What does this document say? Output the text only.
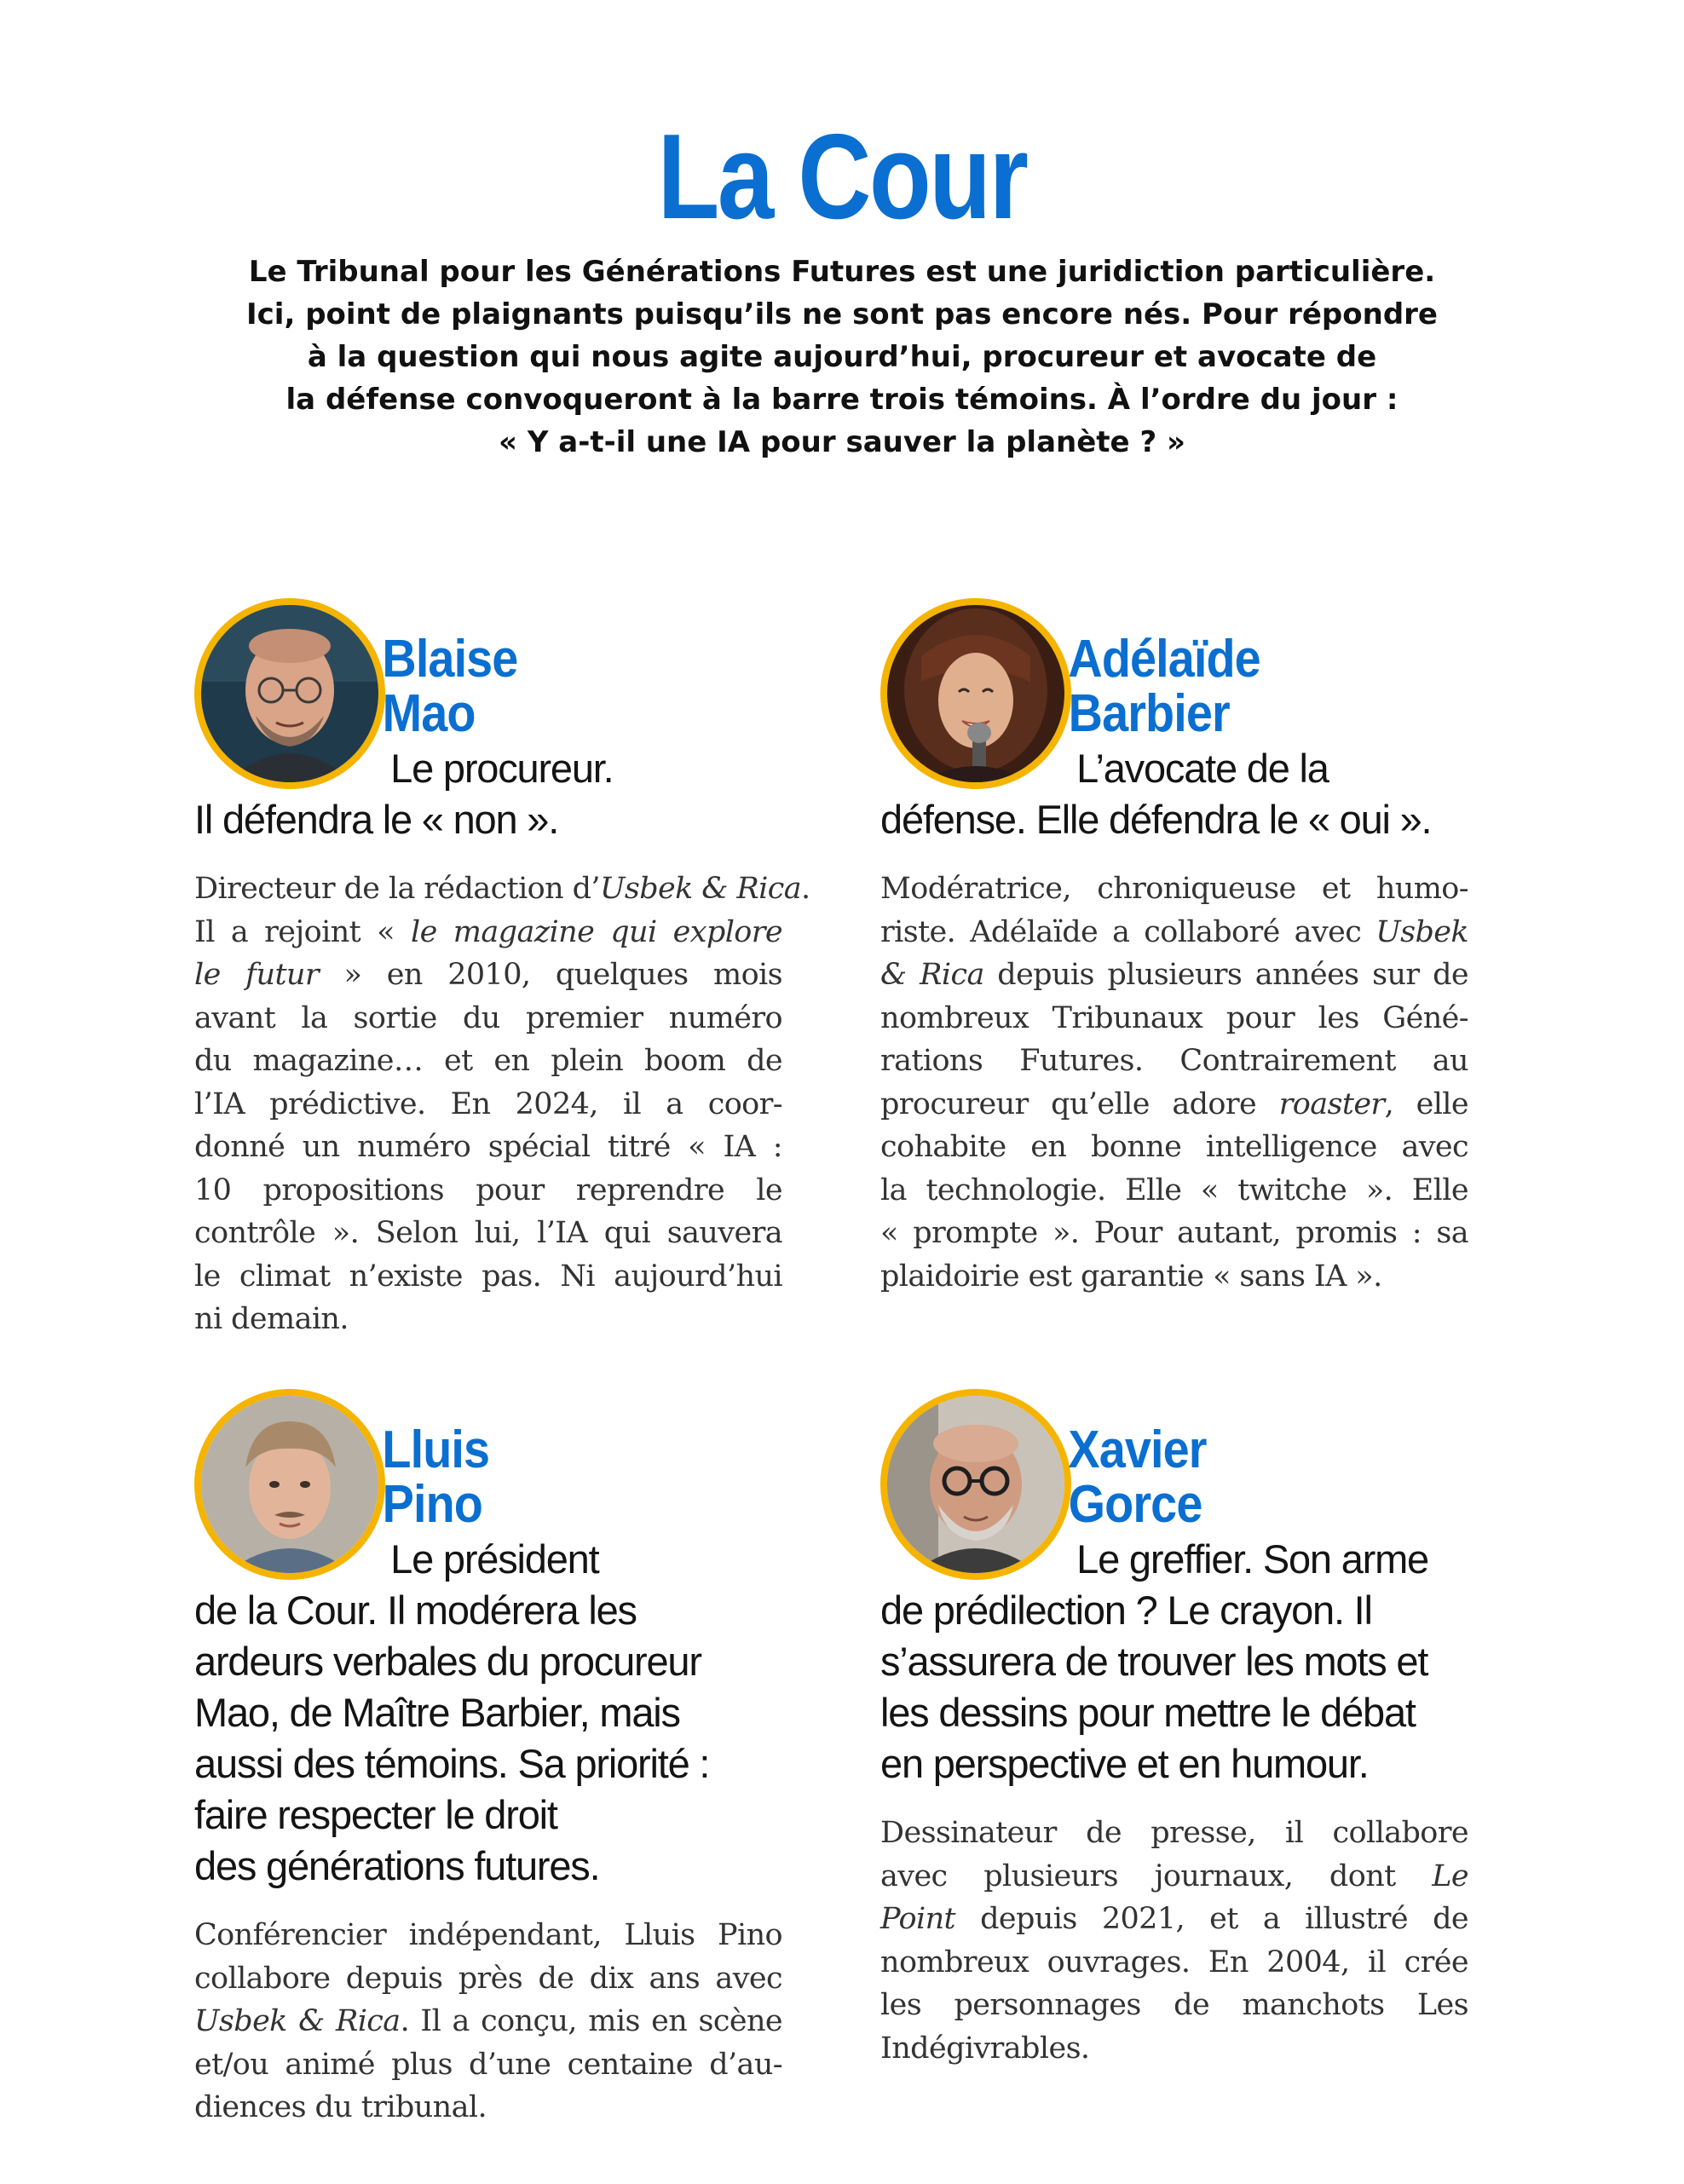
La Cour
Le Tribunal pour les Générations Futures est une juridiction particulière.
Ici, point de plaignants puisqu’ils ne sont pas encore nés. Pour répondre
à la question qui nous agite aujourd’hui, procureur et avocate de
la défense convoqueront à la barre trois témoins. À l’ordre du jour :
« Y a-t-il une IA pour sauver la planète ? »
Blaise
Mao
Le procureur.
Il défendra le « non ».
Directeur de la rédaction d’Usbek & Rica.
Il a rejoint « le magazine qui explore
le futur » en 2010, quelques mois
avant la sortie du premier numéro
du magazine… et en plein boom de
l’IA prédictive. En 2024, il a coor-
donné un numéro spécial titré « IA :
10 propositions pour reprendre le
contrôle ». Selon lui, l’IA qui sauvera
le climat n’existe pas. Ni aujourd’hui
ni demain.
Adélaïde
Barbier
L’avocate de la
défense. Elle défendra le « oui ».
Modératrice, chroniqueuse et humo-
riste. Adélaïde a collaboré avec Usbek
& Rica depuis plusieurs années sur de
nombreux Tribunaux pour les Géné-
rations Futures. Contrairement au
procureur qu’elle adore roaster, elle
cohabite en bonne intelligence avec
la technologie. Elle « twitche ». Elle
« prompte ». Pour autant, promis : sa
plaidoirie est garantie « sans IA ».
Lluis
Pino
Le président
de la Cour. Il modérera les
ardeurs verbales du procureur
Mao, de Maître Barbier, mais
aussi des témoins. Sa priorité :
faire respecter le droit
des générations futures.
Conférencier indépendant, Lluis Pino
collabore depuis près de dix ans avec
Usbek & Rica. Il a conçu, mis en scène
et/ou animé plus d’une centaine d’au-
diences du tribunal.
Xavier
Gorce
Le greffier. Son arme
de prédilection ? Le crayon. Il
s’assurera de trouver les mots et
les dessins pour mettre le débat
en perspective et en humour.
Dessinateur de presse, il collabore
avec plusieurs journaux, dont Le
Point depuis 2021, et a illustré de
nombreux ouvrages. En 2004, il crée
les personnages de manchots Les
Indégivrables.
